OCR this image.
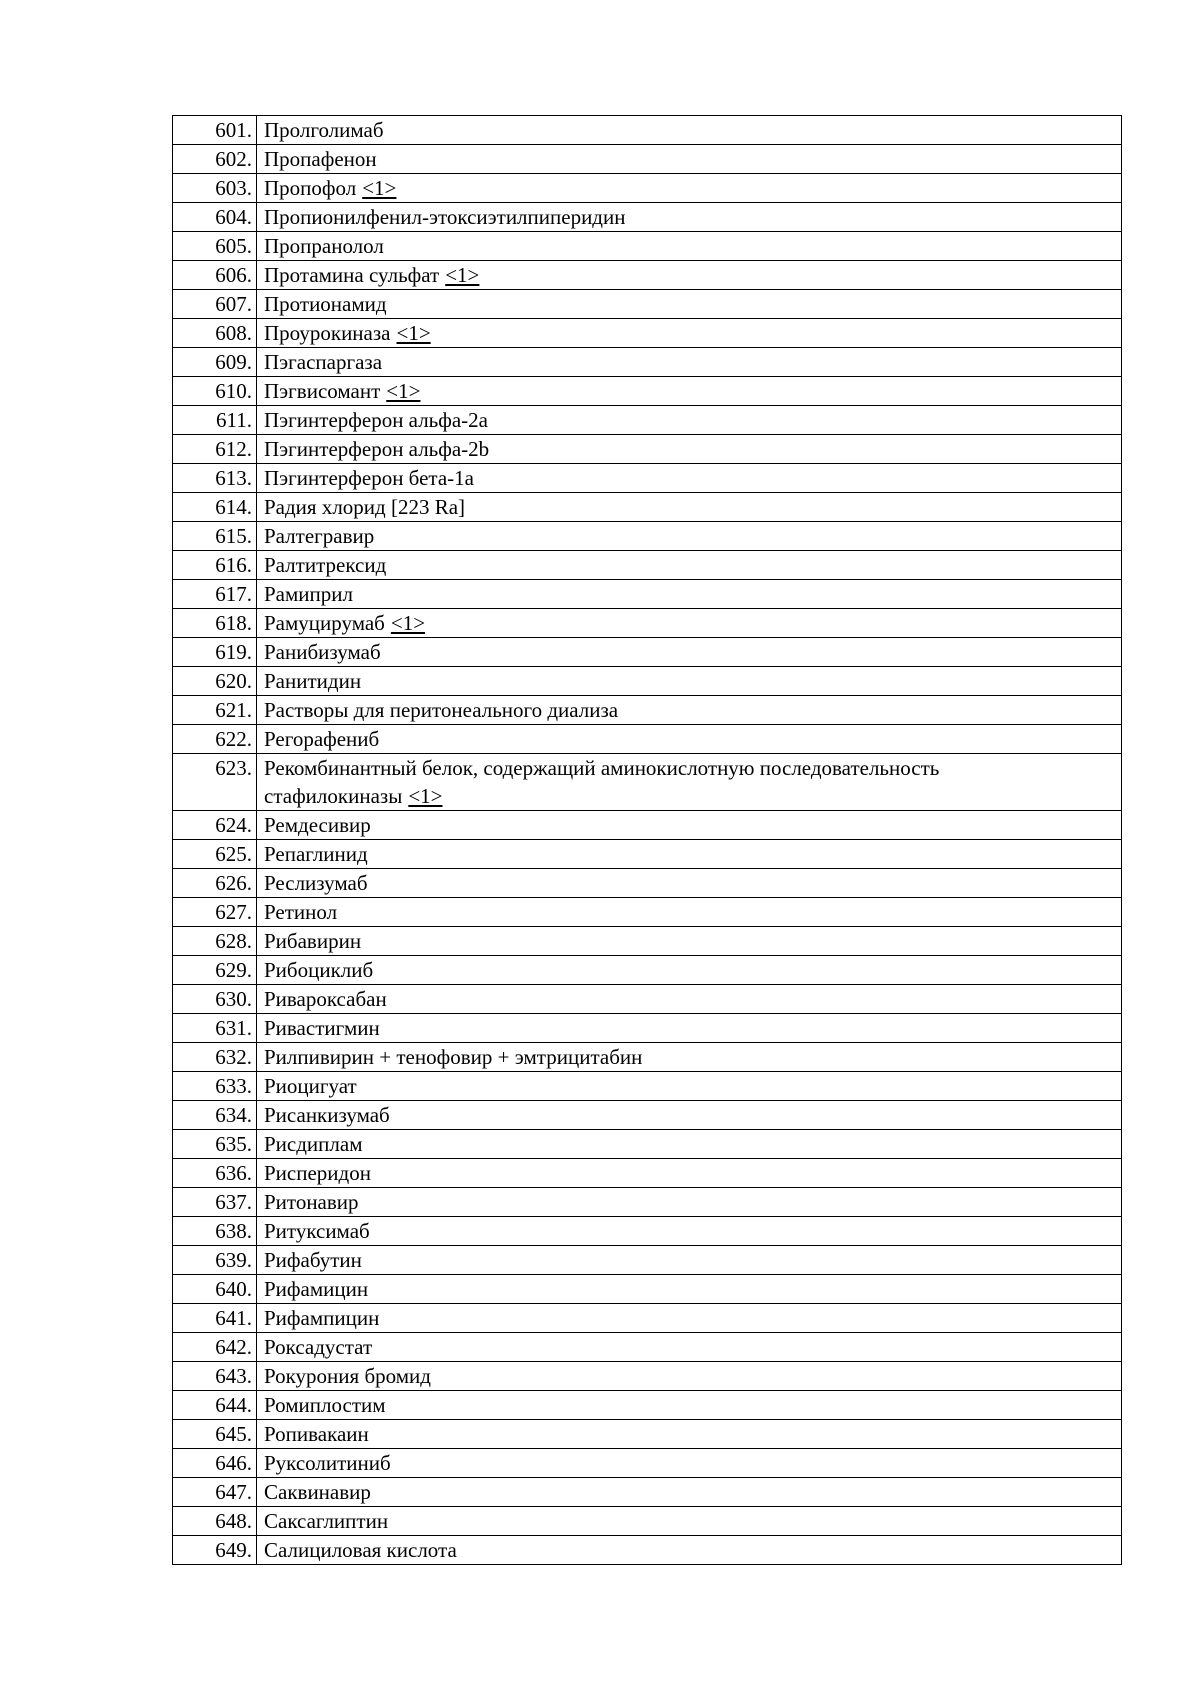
601.	Пролголимаб
602.	Пропафенон
603.	Пропофол <1>
604.	Пропионилфенил-этоксиэтилпиперидин
605.	Пропранолол
606.	Протамина сульфат <1>
607.	Протионамид
608.	Проурокиназа <1>
609.	Пэгаспаргаза
610.	Пэгвисомант <1>
611.	Пэгинтерферон альфа-2a
612.	Пэгинтерферон альфа-2b
613.	Пэгинтерферон бета-1a
614.	Радия хлорид [223 Ra]
615.	Ралтегравир
616.	Ралтитрексид
617.	Рамиприл
618.	Рамуцирумаб <1>
619.	Ранибизумаб
620.	Ранитидин
621.	Растворы для перитонеального диализа
622.	Регорафениб
623.	Рекомбинантный белок, содержащий аминокислотную последовательность стафилокиназы <1>
624.	Ремдесивир
625.	Репаглинид
626.	Реслизумаб
627.	Ретинол
628.	Рибавирин
629.	Рибоциклиб
630.	Ривароксабан
631.	Ривастигмин
632.	Рилпивирин + тенофовир + эмтрицитабин
633.	Риоцигуат
634.	Рисанкизумаб
635.	Рисдиплам
636.	Рисперидон
637.	Ритонавир
638.	Ритуксимаб
639.	Рифабутин
640.	Рифамицин
641.	Рифампицин
642.	Роксадустат
643.	Рокурония бромид
644.	Ромиплостим
645.	Ропивакаин
646.	Руксолитиниб
647.	Саквинавир
648.	Саксаглиптин
649.	Салициловая кислота
